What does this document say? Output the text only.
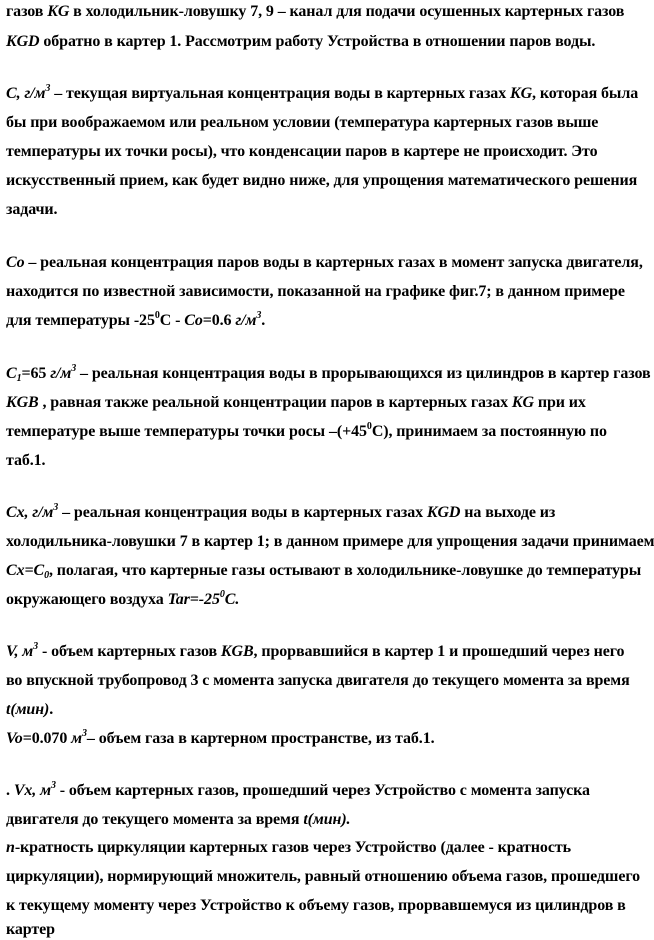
газов KG в холодильник-ловушку 7, 9 – канал для подачи осушенных картерных газов
KGD обратно в картер 1. Рассмотрим работу Устройства в отношении паров воды.
C, $г/м^3$ – текущая виртуальная концентрация воды в картерных газах KG, которая была
бы при воображаемом или реальном условии (температура картерных газов выше
температуры их точки росы), что конденсации паров в картере не происходит. Это
искусственный прием, как будет видно ниже, для упрощения математического решения
задачи.
Co – реальная концентрация паров воды в картерных газах в момент запуска двигателя,
находится по известной зависимости, показанной на графике фиг.7; в данном примере
для температуры $-25^0С - Co=0.6$ $г/м^3$.
$C_1=65$ $г/м^3$ – реальная концентрация воды в прорывающихся из цилиндров в картер газов
KGB , равная также реальной концентрации паров в картерных газах KG при их
температуре выше температуры точки росы $-(+45^0С)$, принимаем за постоянную по
таб.1.
Cx, $г/м^3$ – реальная концентрация воды в картерных газах KGD на выходе из
холодильника-ловушки 7 в картер 1; в данном примере для упрощения задачи принимаем
$Cx=C_0$, полагая, что картерные газы остывают в холодильнике-ловушке до температуры
окружающего воздуха $Tar=-25^0С$.
V, $м^3$ - объем картерных газов KGB, прорвавшийся в картер 1 и прошедший через него
во впускной трубопровод 3 с момента запуска двигателя до текущего момента за время
t(мин).
Vo=0.070 $м^3-$ объем газа в картерном пространстве, из таб.1.
. Vx, $м^3$ - объем картерных газов, прошедший через Устройство с момента запуска
двигателя до текущего момента за время t(мин).
n-кратность циркуляции картерных газов через Устройство (далее - кратность
циркуляции), нормирующий множитель, равный отношению объема газов, прошедшего
к текущему моменту через Устройство к объему газов, прорвавшемуся из цилиндров в
картер
